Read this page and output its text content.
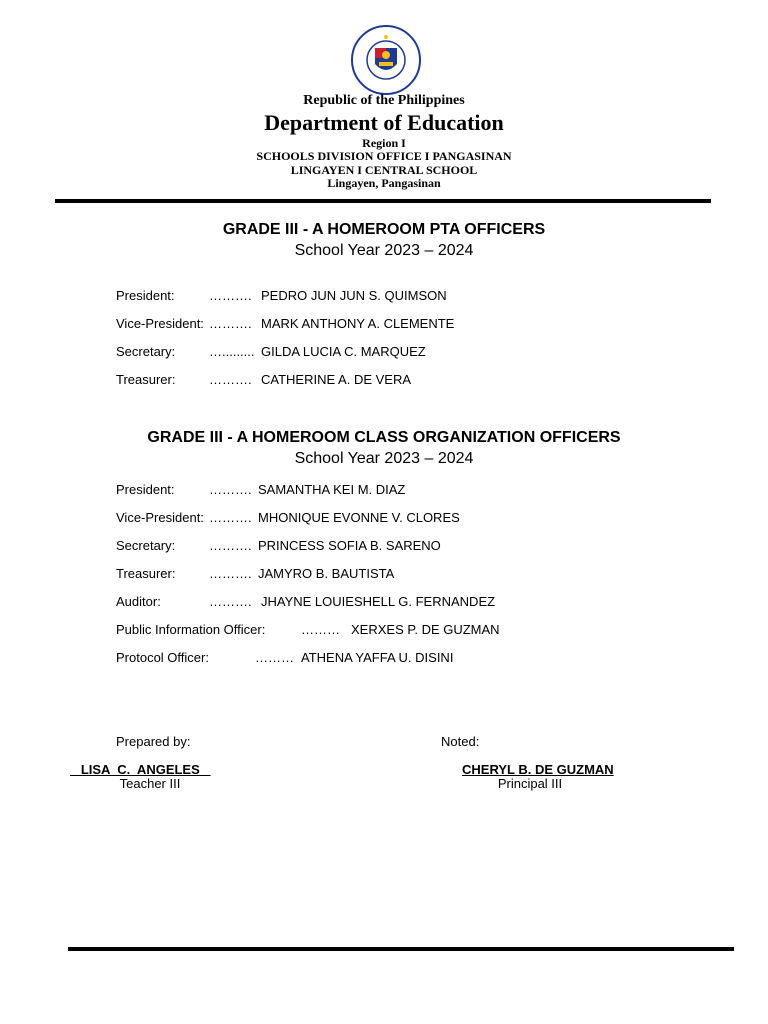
Republic of the Philippines
Department of Education
Region I
SCHOOLS DIVISION OFFICE I PANGASINAN
LINGAYEN I CENTRAL SCHOOL
Lingayen, Pangasinan
GRADE III - A HOMEROOM PTA OFFICERS
School Year 2023 – 2024
President:	………. PEDRO JUN JUN S. QUIMSON
Vice-President: ………. MARK ANTHONY A. CLEMENTE
Secretary:	…......... GILDA LUCIA C. MARQUEZ
Treasurer:	………. CATHERINE A. DE VERA
GRADE III - A HOMEROOM CLASS ORGANIZATION OFFICERS
School Year 2023 – 2024
President:	………. SAMANTHA KEI M. DIAZ
Vice-President: ………. MHONIQUE EVONNE V. CLORES
Secretary:	………. PRINCESS SOFIA B. SARENO
Treasurer:	………. JAMYRO B. BAUTISTA
Auditor:	………. JHAYNE LOUIESHELL G. FERNANDEZ
Public Information Officer:	……… XERXES P. DE GUZMAN
Protocol Officer:	……… ATHENA YAFFA U. DISINI
Prepared by:	Noted:
LISA  C.  ANGELES
Teacher III
CHERYL B. DE GUZMAN
Principal III
